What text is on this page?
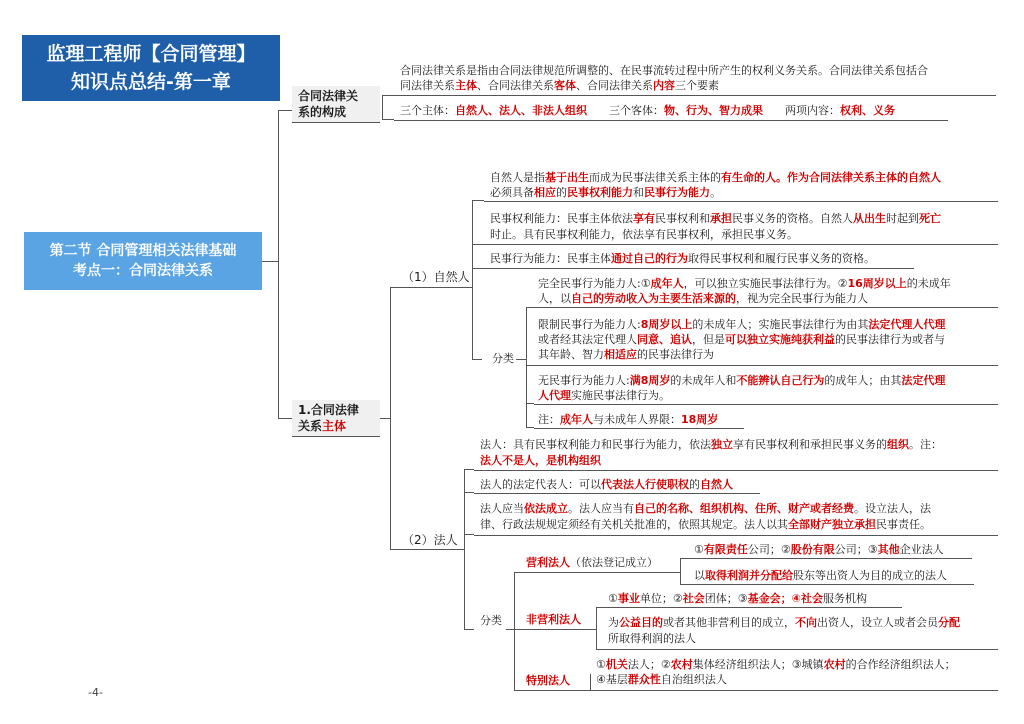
监理工程师【合同管理】
知识点总结-第一章
第二节 合同管理相关法律基础
考点一：合同法律关系
合同法律关
系的构成
合同法律关系是指由合同法律规范所调整的、在民事流转过程中所产生的权利义务关系。合同法律关系包括合
同法律关系主体、合同法律关系客体、合同法律关系内容三个要素
三个主体：自然人、法人、非法人组织 三个客体：物、行为、智力成果 两项内容：权利、义务
1.合同法律
关系主体
（1）自然人
自然人是指基于出生而成为民事法律关系主体的有生命的人。作为合同法律关系主体的自然人
必须具备相应的民事权利能力和民事行为能力。
民事权利能力：民事主体依法享有民事权利和承担民事义务的资格。自然人从出生时起到死亡
时止。具有民事权利能力，依法享有民事权利，承担民事义务。
民事行为能力：民事主体通过自己的行为取得民事权利和履行民事义务的资格。
分类
完全民事行为能力人:①成年人，可以独立实施民事法律行为。②16周岁以上的未成年
人，以自己的劳动收入为主要生活来源的，视为完全民事行为能力人
限制民事行为能力人:8周岁以上的未成年人；实施民事法律行为由其法定代理人代理
或者经其法定代理人同意、追认，但是可以独立实施纯获利益的民事法律行为或者与
其年龄、智力相适应的民事法律行为
无民事行为能力人:满8周岁的未成年人和不能辨认自己行为的成年人；由其法定代理
人代理实施民事法律行为。
注：成年人与未成年人界限：18周岁
（2）法人
法人：具有民事权利能力和民事行为能力，依法独立享有民事权利和承担民事义务的组织。注：
法人不是人，是机构组织
法人的法定代表人：可以代表法人行使职权的自然人
法人应当依法成立。法人应当有自己的名称、组织机构、住所、财产或者经费。设立法人，法
律、行政法规规定须经有关机关批准的，依照其规定。法人以其全部财产独立承担民事责任。
分类
营利法人（依法登记成立）
①有限责任公司；②股份有限公司；③其他企业法人
以取得利润并分配给股东等出资人为目的成立的法人
非营利法人
①事业单位；②社会团体；③基金会；④社会服务机构
为公益目的或者其他非营利目的成立，不向出资人，设立人或者会员分配
所取得利润的法人
特别法人
①机关法人；②农村集体经济组织法人；③城镇农村的合作经济组织法人；
④基层群众性自治组织法人
-4-
